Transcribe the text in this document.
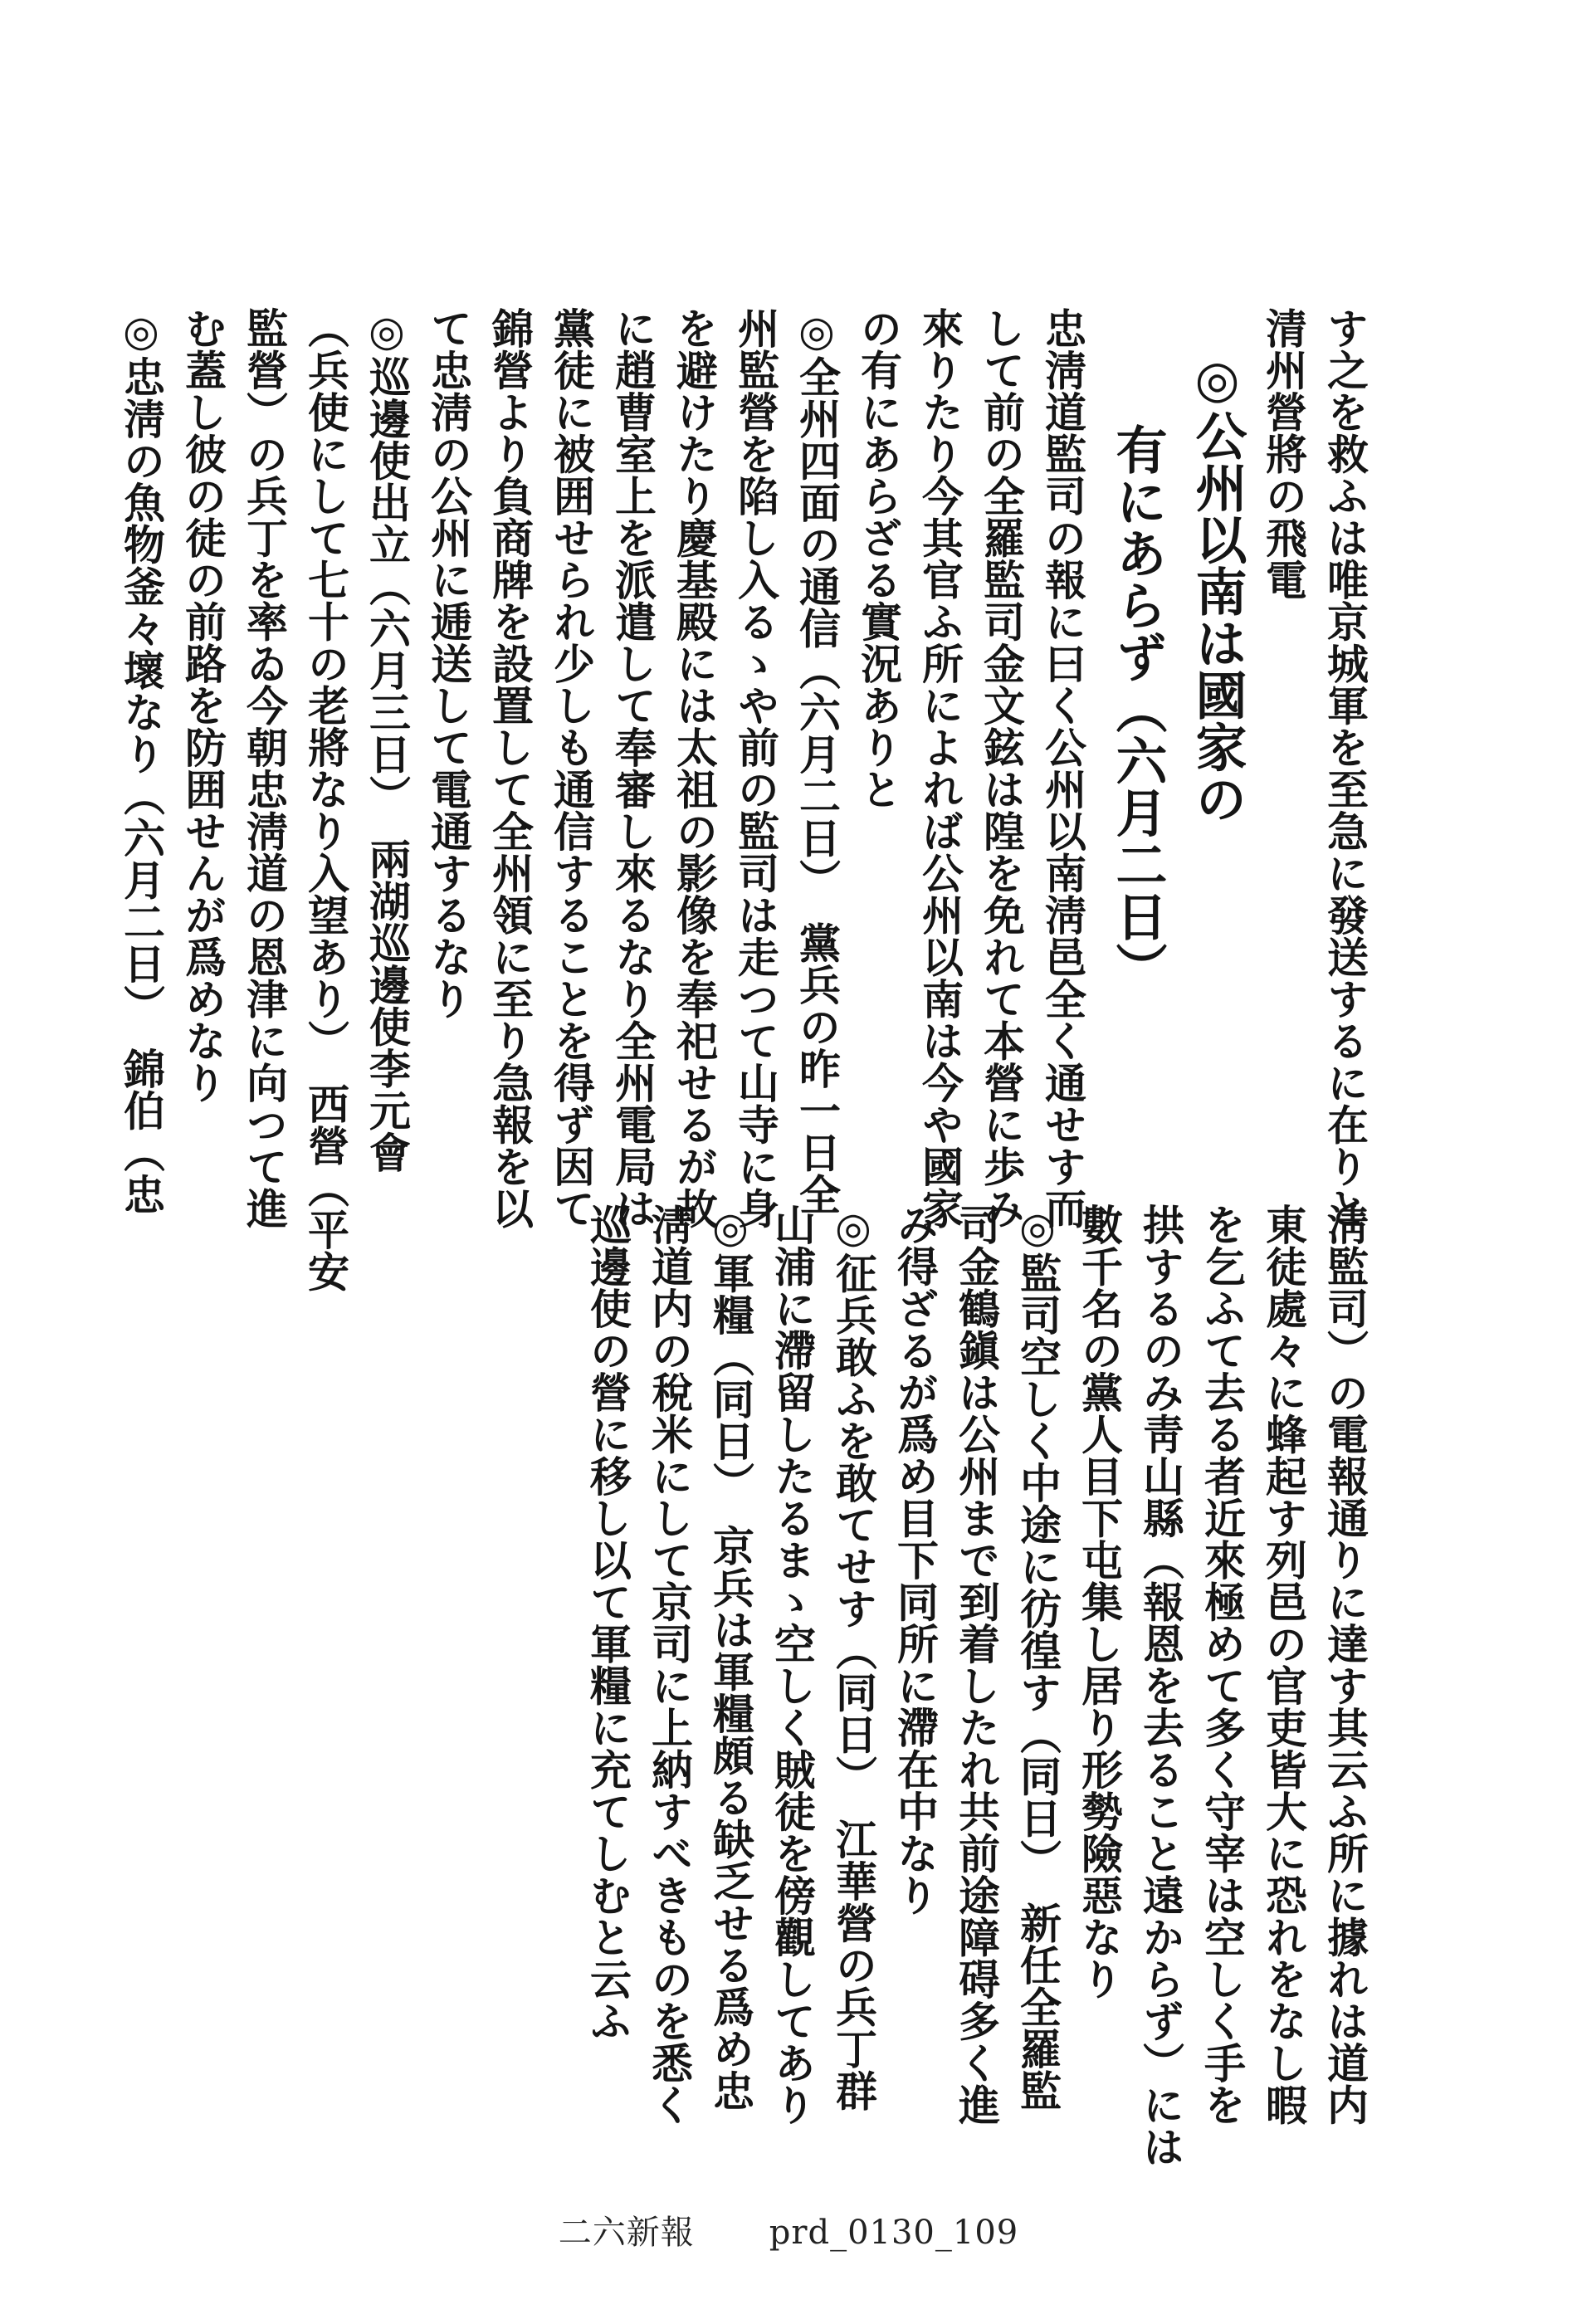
す之を救ふは唯京城軍を至急に發送するに在りと
清州營將の飛電
◎公州以南は國家の
有にあらず（六月二日）
忠淸道監司の報に曰く公州以南淸邑全く通せす而
して前の全羅監司金文鉉は隍を免れて本營に歩み
來りたり今其官ふ所によれば公州以南は今や國家
の有にあらざる實況ありと
◎全州四面の通信（六月二日）　黨兵の昨一日全
州監營を陷し入るゝや前の監司は走つて山寺に身
を避けたり慶基殿には太祖の影像を奉祀せるが故
に趙曹室上を派遣して奉審し來るなり全州電局は
黨徒に被囲せられ少しも通信することを得ず因て
錦營より負商牌を設置して全州領に至り急報を以
て忠淸の公州に逓送して電通するなり
◎巡邊使出立（六月三日）　兩湖巡邊使李元會
（兵使にして七十の老將なり入望あり）　西營（平安
監營）の兵丁を率ゐ今朝忠淸道の恩津に向つて進
む蓋し彼の徒の前路を防囲せんが爲めなり
◎忠淸の魚物釜々壞なり（六月二日）　錦伯（忠
淸監司）の電報通りに達す其云ふ所に據れは道内
東徒處々に蜂起す列邑の官吏皆大に恐れをなし暇
を乞ふて去る者近來極めて多く守宰は空しく手を
拱するのみ靑山縣（報恩を去ること遠からず）には
數千名の黨人目下屯集し居り形勢險惡なり
◎監司空しく中途に彷徨す（同日）　新任全羅監
司金鶴鎭は公州まで到着したれ共前途障碍多く進
み得ざるが爲め目下同所に滯在中なり
◎征兵敢ふを敢てせす（同日）　江華營の兵丁群
山浦に滯留したるまゝ空しく賊徒を傍觀してあり
◎軍糧（同日）　京兵は軍糧頗る缺乏せる爲め忠
淸道内の稅米にして京司に上納すべきものを悉く
巡邊使の營に移し以て軍糧に充てしむと云ふ
二六新報 prd_0130_109
